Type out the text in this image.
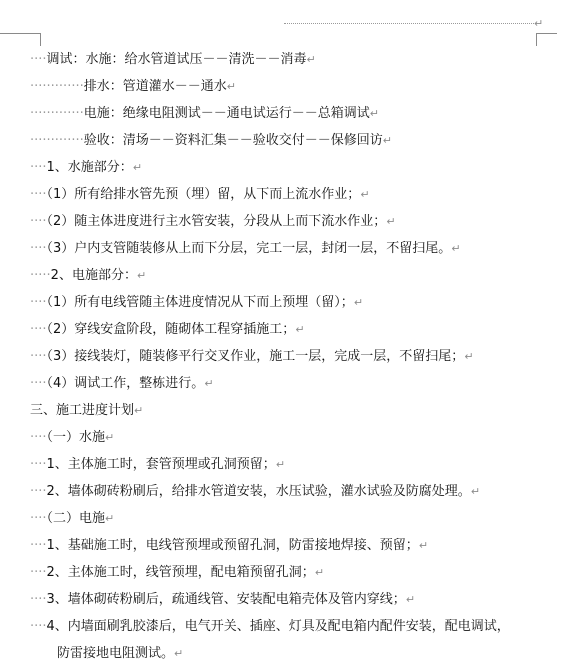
↵
····调试：水施：给水管道试压－－清洗－－消毒↵
·············排水：管道灌水－－通水↵
·············电施：绝缘电阻测试－－通电试运行－－总箱调试↵
·············验收：清场－－资料汇集－－验收交付－－保修回访↵
····1、水施部分：↵
····（1）所有给排水管先预（埋）留，从下而上流水作业；↵
····（2）随主体进度进行主水管安装，分段从上而下流水作业；↵
····（3）户内支管随装修从上而下分层，完工一层，封闭一层，不留扫尾。↵
·····2、电施部分：↵
····（1）所有电线管随主体进度情况从下而上预埋（留）；↵
····（2）穿线安盒阶段，随砌体工程穿插施工；↵
····（3）接线装灯，随装修平行交叉作业，施工一层，完成一层，不留扫尾；↵
····（4）调试工作，整栋进行。↵
三、施工进度计划↵
····（一）水施↵
····1、主体施工时，套管预埋或孔洞预留；↵
····2、墙体砌砖粉刷后，给排水管道安装，水压试验，灌水试验及防腐处理。↵
····（二）电施↵
····1、基础施工时，电线管预埋或预留孔洞，防雷接地焊接、预留；↵
····2、主体施工时，线管预埋，配电箱预留孔洞；↵
····3、墙体砌砖粉刷后，疏通线管、安装配电箱壳体及管内穿线；↵
····4、内墙面刷乳胶漆后，电气开关、插座、灯具及配电箱内配件安装，配电调试，
防雷接地电阻测试。↵
